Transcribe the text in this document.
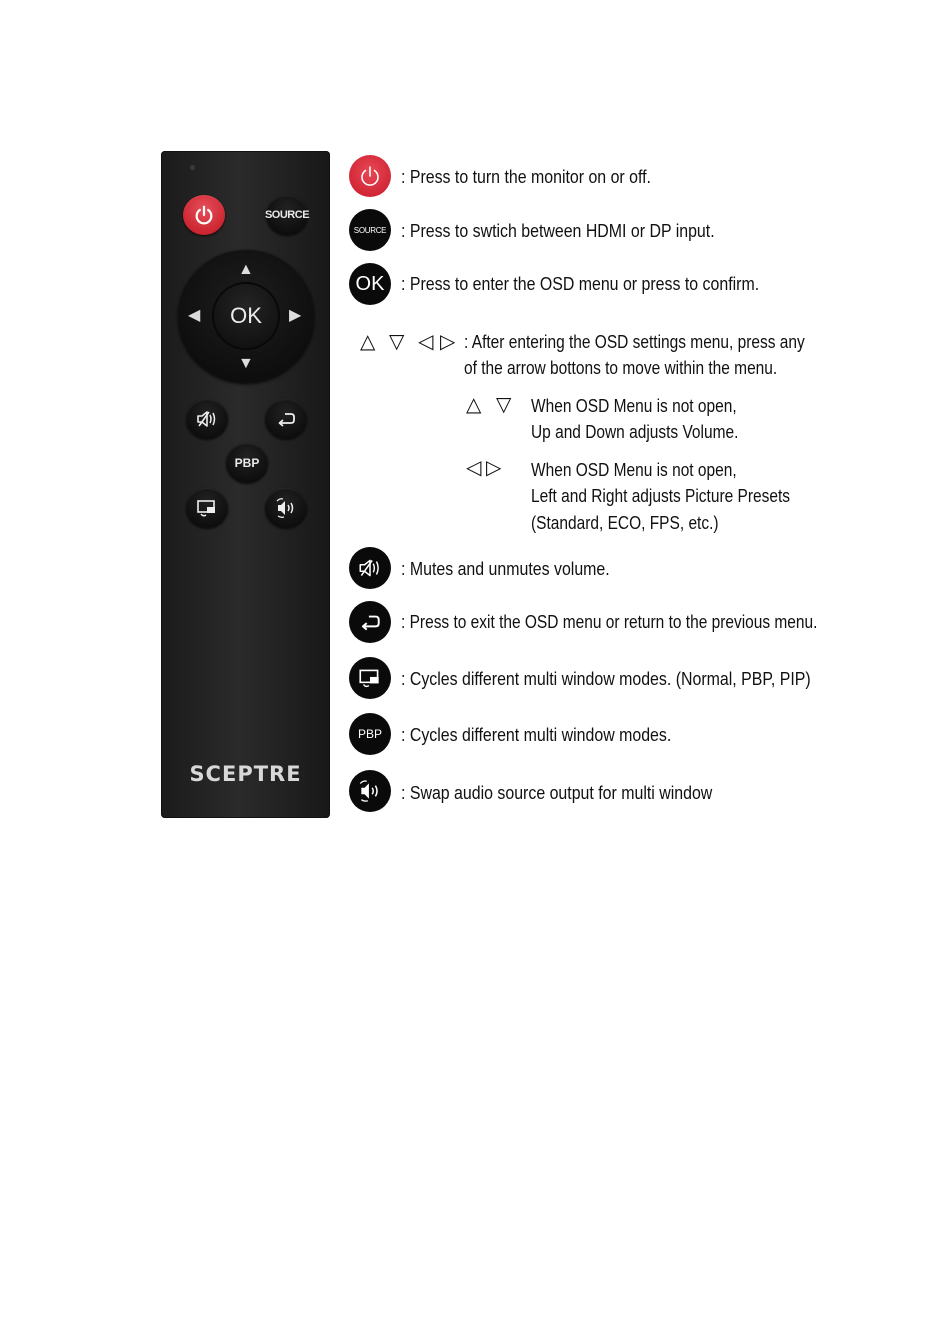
SOURCE
▲
▼
◀	▶
OK
PBP
SCEPTRE
: Press to turn the monitor on or off.
SOURCE : Press to swtich between HDMI or DP input.
OK : Press to enter the OSD menu or press to confirm.
△ ▽ ◁ ▷ : After entering the OSD settings menu, press any
of the arrow bottons to move within the menu.
△ ▽ When OSD Menu is not open,
Up and Down adjusts Volume.
◁ ▷ When OSD Menu is not open,
Left and Right adjusts Picture Presets
(Standard, ECO, FPS, etc.)
: Mutes and unmutes volume.
: Press to exit the OSD menu or return to the previous menu.
: Cycles different multi window modes. (Normal, PBP, PIP)
PBP : Cycles different multi window modes.
: Swap audio source output for multi window
